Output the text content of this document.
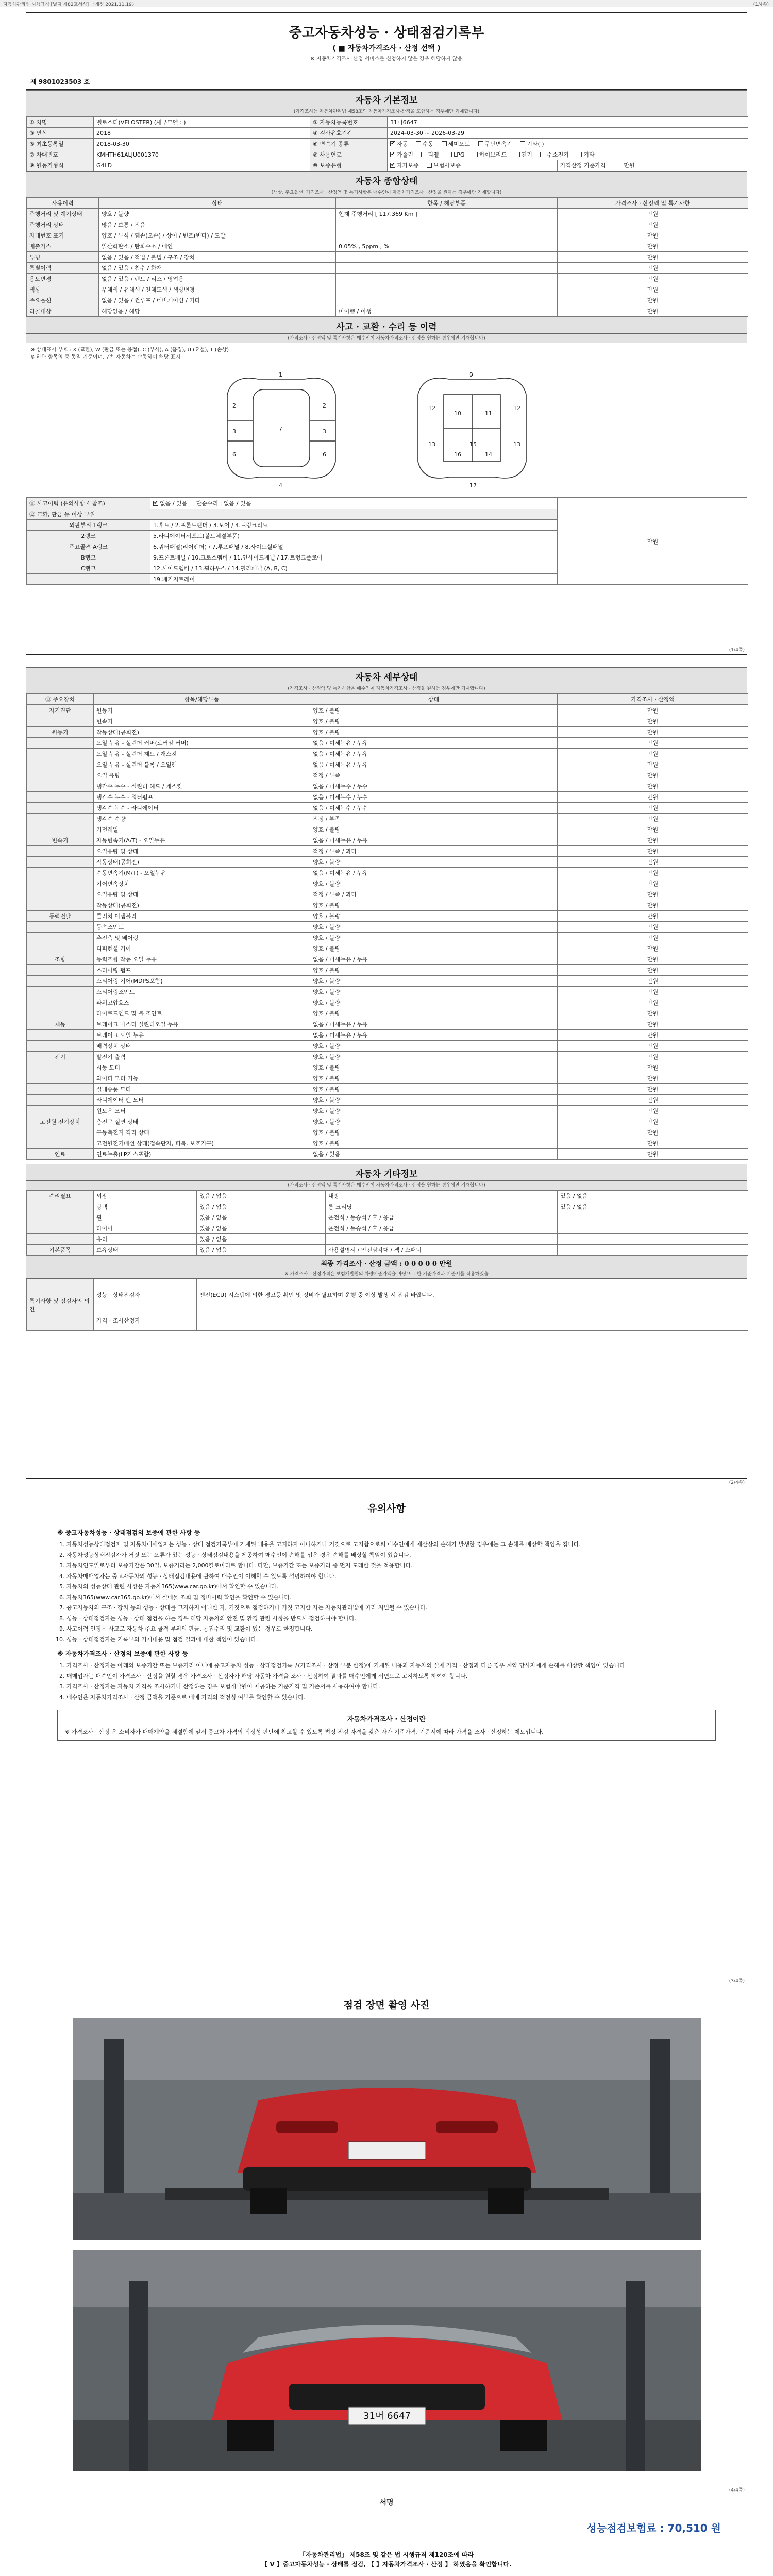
자동차관리법 시행규칙 [별지 제82호서식] 〈개정 2021.11.19〉	(1/4쪽)
중고자동차성능 · 상태점검기록부
( ■ 자동차가격조사 · 산정 선택 )
※ 자동차가격조사·산정 서비스를 신청하지 않은 경우 해당하지 않음
제 9801023503 호
자동차 기본정보
(가격조사는 자동차관리법 제58조의 자동차가격조사·산정을 포함하는 경우에만 기재합니다)
① 차명	벨로스터(VELOSTER) (세부모델 : )	② 자동차등록번호	31머6647	
③ 연식	2018	④ 검사유효기간	2024-03-30 ~ 2026-03-29	
⑤ 최초등록일	2018-03-30	⑥ 변속기 종류	✔자동 수동 세미오토 무단변속기 기타( )
⑦ 차대번호	KMHTH61ALJU001370	⑧ 사용연료	✔가솔린 디젤 LPG 하이브리드 전기 수소전기 기타
⑨ 원동기형식	G4LD	⑩ 보증유형	✔자가보증 보험사보증	가격산정 기준가격 만원
자동차 종합상태
(색상, 주요옵션, 가격조사 · 산정액 및 특기사항은 매수인이 자동차가격조사 · 산정을 원하는 경우에만 기재합니다)
사용이력	상태	항목 / 해당부품	가격조사 · 산정액 및 특기사항
주행거리 및 계기상태	양호 / 불량	현재 주행거리 [ 117,369 Km ]	만원
주행거리 상태	많음 / 보통 / 적음		만원
차대번호 표기	양호 / 부식 / 훼손(오손) / 상이 / 변조(변타) / 도말		만원
배출가스	일산화탄소 / 탄화수소 / 매연	0.05% , 5ppm , %	만원
튜닝	없음 / 있음 / 적법 / 불법 / 구조 / 장치		만원
특별이력	없음 / 있음 / 침수 / 화재		만원
용도변경	없음 / 있음 / 렌트 / 리스 / 영업용		만원
색상	무채색 / 유채색 / 전체도색 / 색상변경		만원
주요옵션	없음 / 있음 / 썬루프 / 네비게이션 / 기타		만원
리콜대상	해당없음 / 해당	미이행 / 이행	만원
사고 · 교환 · 수리 등 이력
(가격조사 · 산정액 및 특기사항은 매수인이 자동차가격조사 · 산정을 원하는 경우에만 기재합니다)
※ 상태표시 부호 : X (교환), W (판금 또는 용접), C (부식), A (흠집), U (요철), T (손상)
※ 하단 항목의 중 동일 기준이며, 7번 자동차는 숨동하여 해당 표시
1
2	2
3	3
7
4
6	6
9
12	12
10	11
15
13	13
17
16	14
⑪ 사고이력 (유의사항 4 참조)	✔없음 / 있음 단순수리 : 없음 / 있음	만원
⑫ 교환, 판금 등 이상 부위		
외판부위 1랭크	1.후드 / 2.프론트펜더 / 3.도어 / 4.트렁크리드	
2랭크	5.라디에이터서포트(볼트체결부품)	
주요골격 A랭크	6.쿼터패널(리어펜더) / 7.루프패널 / 8.사이드실패널	
B랭크	9.프론트패널 / 10.크로스멤버 / 11.인사이드패널 / 17.트렁크플로어	
C랭크	12.사이드멤버 / 13.휠하우스 / 14.필러패널 (A, B, C)	
	19.패키지트레이	
(1/4쪽)
자동차 세부상태
(가격조사 · 산정액 및 특기사항은 매수인이 자동차가격조사 · 산정을 원하는 경우에만 기재합니다)
⑬ 주요장치	항목/해당부품	상태	가격조사 · 산정액
자기진단	원동기	양호 / 불량	만원
	변속기	양호 / 불량	만원
원동기	작동상태(공회전)	양호 / 불량	만원
	오일 누유 - 실린더 커버(로커암 커버)	없음 / 미세누유 / 누유	만원
	오일 누유 - 실린더 헤드 / 개스킷	없음 / 미세누유 / 누유	만원
	오일 누유 - 실린더 블록 / 오일팬	없음 / 미세누유 / 누유	만원
	오일 유량	적정 / 부족	만원
	냉각수 누수 - 실린더 헤드 / 개스킷	없음 / 미세누수 / 누수	만원
	냉각수 누수 - 워터펌프	없음 / 미세누수 / 누수	만원
	냉각수 누수 - 라디에이터	없음 / 미세누수 / 누수	만원
	냉각수 수량	적정 / 부족	만원
	커먼레일	양호 / 불량	만원
변속기	자동변속기(A/T) - 오일누유	없음 / 미세누유 / 누유	만원
	오일유량 및 상태	적정 / 부족 / 과다	만원
	작동상태(공회전)	양호 / 불량	만원
	수동변속기(M/T) - 오일누유	없음 / 미세누유 / 누유	만원
	기어변속장치	양호 / 불량	만원
	오일유량 및 상태	적정 / 부족 / 과다	만원
	작동상태(공회전)	양호 / 불량	만원
동력전달	클러치 어셈블리	양호 / 불량	만원
	등속조인트	양호 / 불량	만원
	추진축 및 베어링	양호 / 불량	만원
	디퍼렌셜 기어	양호 / 불량	만원
조향	동력조향 작동 오일 누유	없음 / 미세누유 / 누유	만원
	스티어링 펌프	양호 / 불량	만원
	스티어링 기어(MDPS포함)	양호 / 불량	만원
	스티어링조인트	양호 / 불량	만원
	파워고압호스	양호 / 불량	만원
	타이로드엔드 및 볼 조인트	양호 / 불량	만원
제동	브레이크 마스터 실린더오일 누유	없음 / 미세누유 / 누유	만원
	브레이크 오일 누유	없음 / 미세누유 / 누유	만원
	배력장치 상태	양호 / 불량	만원
전기	발전기 출력	양호 / 불량	만원
	시동 모터	양호 / 불량	만원
	와이퍼 모터 기능	양호 / 불량	만원
	실내송풍 모터	양호 / 불량	만원
	라디에이터 팬 모터	양호 / 불량	만원
	윈도우 모터	양호 / 불량	만원
고전원 전기장치	충전구 절연 상태	양호 / 불량	만원
	구동축전지 격리 상태	양호 / 불량	만원
	고전원전기배선 상태(접속단자, 피복, 보호기구)	양호 / 불량	만원
연료	연료누출(LP가스포함)	없음 / 있음	만원
자동차 기타정보
(가격조사 · 산정액 및 특기사항은 매수인이 자동차가격조사 · 산정을 원하는 경우에만 기재합니다)
수리필요	외장	있음 / 없음	내장	있음 / 없음
	광택	있음 / 없음	룸 크리닝	있음 / 없음
	휠	있음 / 없음	운전석 / 동승석 / 후 / 응급	
	타이어	있음 / 없음	운전석 / 동승석 / 후 / 응급	
	유리	있음 / 없음		
기본품목	보유상태	있음 / 없음	사용설명서 / 안전삼각대 / 잭 / 스패너	
최종 가격조사 · 산정 금액 : 0 0 0 0 0 만원
※ 가격조사 · 산정가격은 보험개발원의 차량기준가액을 바탕으로 한 기준가격과 기준서를 적용하였음
특기사항 및 점검자의 의견	성능 · 상태점검자	엔진(ECU) 시스템에 의한 경고등 확인 및 정비가 필요하며 운행 중 이상 발생 시 점검 바랍니다.
	가격 · 조사산정자	
(2/4쪽)
유의사항
※ 중고자동차성능 · 상태점검의 보증에 관한 사항 등
1. 자동차성능상태점검자 및 자동차매매업자는 성능 · 상태 점검기록부에 기재된 내용을 고지하지 아니하거나 거짓으로 고지함으로써 매수인에게 재산상의 손해가 발생한 경우에는 그 손해를 배상할 책임을 집니다.
2. 자동차성능상태점검자가 거짓 또는 오류가 있는 성능 · 상태점검내용을 제공하여 매수인이 손해를 입은 경우 손해를 배상할 책임이 있습니다.
3. 자동차인도일로부터 보증기간은 30일, 보증거리는 2,000킬로미터로 합니다. 다만, 보증기간 또는 보증거리 중 먼저 도래한 것을 적용합니다.
4. 자동차매매업자는 중고자동차의 성능 · 상태점검내용에 관하여 매수인이 이해할 수 있도록 설명하여야 합니다.
5. 자동차의 성능상태 관련 사항은 자동차365(www.car.go.kr)에서 확인할 수 있습니다.
6. 자동차365(www.car365.go.kr)에서 실매물 조회 및 정비이력 확인을 확인할 수 있습니다.
7. 중고자동차의 구조 · 장치 등의 성능 · 상태를 고지하지 아니한 자, 거짓으로 점검하거나 거짓 고지한 자는 자동차관리법에 따라 처벌될 수 있습니다.
8. 성능 · 상태점검자는 성능 · 상태 점검을 하는 경우 해당 자동차의 안전 및 환경 관련 사항을 반드시 점검하여야 합니다.
9. 사고이력 인정은 사고로 자동차 주요 골격 부위의 판금, 용접수리 및 교환이 있는 경우로 한정합니다.
10. 성능 · 상태점검자는 기록부의 기재내용 및 점검 결과에 대한 책임이 있습니다.
※ 자동차가격조사 · 산정의 보증에 관한 사항 등
1. 가격조사 · 산정자는 아래의 보증기간 또는 보증거리 이내에 중고자동차 성능 · 상태점검기록부(가격조사 · 산정 부분 한정)에 기재된 내용과 자동차의 실제 가격 · 산정과 다른 경우 계약 당사자에게 손해를 배상할 책임이 있습니다.
2. 매매업자는 매수인이 가격조사 · 산정을 원할 경우 가격조사 · 산정자가 해당 자동차 가격을 조사 · 산정하여 결과를 매수인에게 서면으로 고지하도록 하여야 합니다.
3. 가격조사 · 산정자는 자동차 가격을 조사하거나 산정하는 경우 보험개발원이 제공하는 기준가격 및 기준서를 사용하여야 합니다.
4. 매수인은 자동차가격조사 · 산정 금액을 기준으로 매매 가격의 적정성 여부를 확인할 수 있습니다.
자동차가격조사 · 산정이란

※ 가격조사 · 산정 은 소비자가 매매계약을 체결함에 앞서 중고차 가격의 적정성 판단에 참고할 수 있도록 법정 점검 자격을 갖춘 자가 기준가격, 기준서에 따라 가격을 조사 · 산정하는 제도입니다.

(3/4쪽)
점검 장면 촬영 사진
31머 6647
(4/4쪽)
서명
성능점검보험료 : 70,510 원
「자동차관리법」 제58조 및 같은 법 시행규칙 제120조에 따라
【 V 】중고자동차성능 · 상태를 점검, 【 】자동차가격조사 · 산정 】 하였음을 확인합니다.
